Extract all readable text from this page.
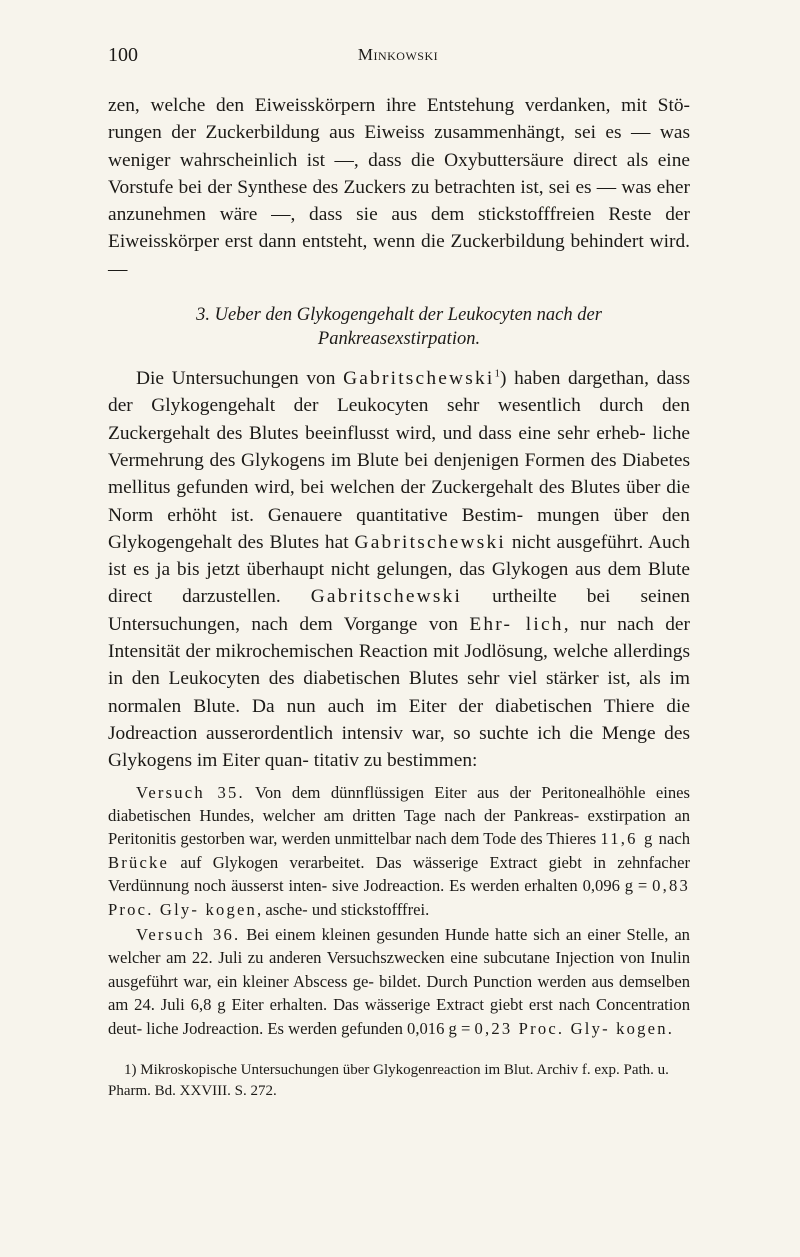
100	Minkowski

zen, welche den Eiweisskörpern ihre Entstehung verdanken, mit Stö- rungen der Zuckerbildung aus Eiweiss zusammenhängt, sei es — was weniger wahrscheinlich ist —, dass die Oxybuttersäure direct als eine Vorstufe bei der Synthese des Zuckers zu betrachten ist, sei es — was eher anzunehmen wäre —, dass sie aus dem stickstofffreien Reste der Eiweisskörper erst dann entsteht, wenn die Zuckerbildung behindert wird. —

3. Ueber den Glykogengehalt der Leukocyten nach der
Pankreasexstirpation.

Die Untersuchungen von Gabritschewski$^1$) haben dargethan, dass der Glykogengehalt der Leukocyten sehr wesentlich durch den Zuckergehalt des Blutes beeinflusst wird, und dass eine sehr erheb- liche Vermehrung des Glykogens im Blute bei denjenigen Formen des Diabetes mellitus gefunden wird, bei welchen der Zuckergehalt des Blutes über die Norm erhöht ist. Genauere quantitative Bestim- mungen über den Glykogengehalt des Blutes hat Gabritschewski nicht ausgeführt. Auch ist es ja bis jetzt überhaupt nicht gelungen, das Glykogen aus dem Blute direct darzustellen. Gabritschewski urtheilte bei seinen Untersuchungen, nach dem Vorgange von Ehr- lich, nur nach der Intensität der mikrochemischen Reaction mit Jodlösung, welche allerdings in den Leukocyten des diabetischen Blutes sehr viel stärker ist, als im normalen Blute. Da nun auch im Eiter der diabetischen Thiere die Jodreaction ausserordentlich intensiv war, so suchte ich die Menge des Glykogens im Eiter quan- titativ zu bestimmen:

Versuch 35. Von dem dünnflüssigen Eiter aus der Peritonealhöhle eines diabetischen Hundes, welcher am dritten Tage nach der Pankreas- exstirpation an Peritonitis gestorben war, werden unmittelbar nach dem Tode des Thieres 11,6 g nach Brücke auf Glykogen verarbeitet. Das wässerige Extract giebt in zehnfacher Verdünnung noch äusserst inten- sive Jodreaction. Es werden erhalten 0,096 g = 0,83 Proc. Gly- kogen, asche- und stickstofffrei.

Versuch 36. Bei einem kleinen gesunden Hunde hatte sich an einer Stelle, an welcher am 22. Juli zu anderen Versuchszwecken eine subcutane Injection von Inulin ausgeführt war, ein kleiner Abscess ge- bildet. Durch Punction werden aus demselben am 24. Juli 6,8 g Eiter erhalten. Das wässerige Extract giebt erst nach Concentration deut- liche Jodreaction. Es werden gefunden 0,016 g = 0,23 Proc. Gly- kogen.

1) Mikroskopische Untersuchungen über Glykogenreaction im Blut. Archiv f. exp. Path. u. Pharm. Bd. XXVIII. S. 272.
